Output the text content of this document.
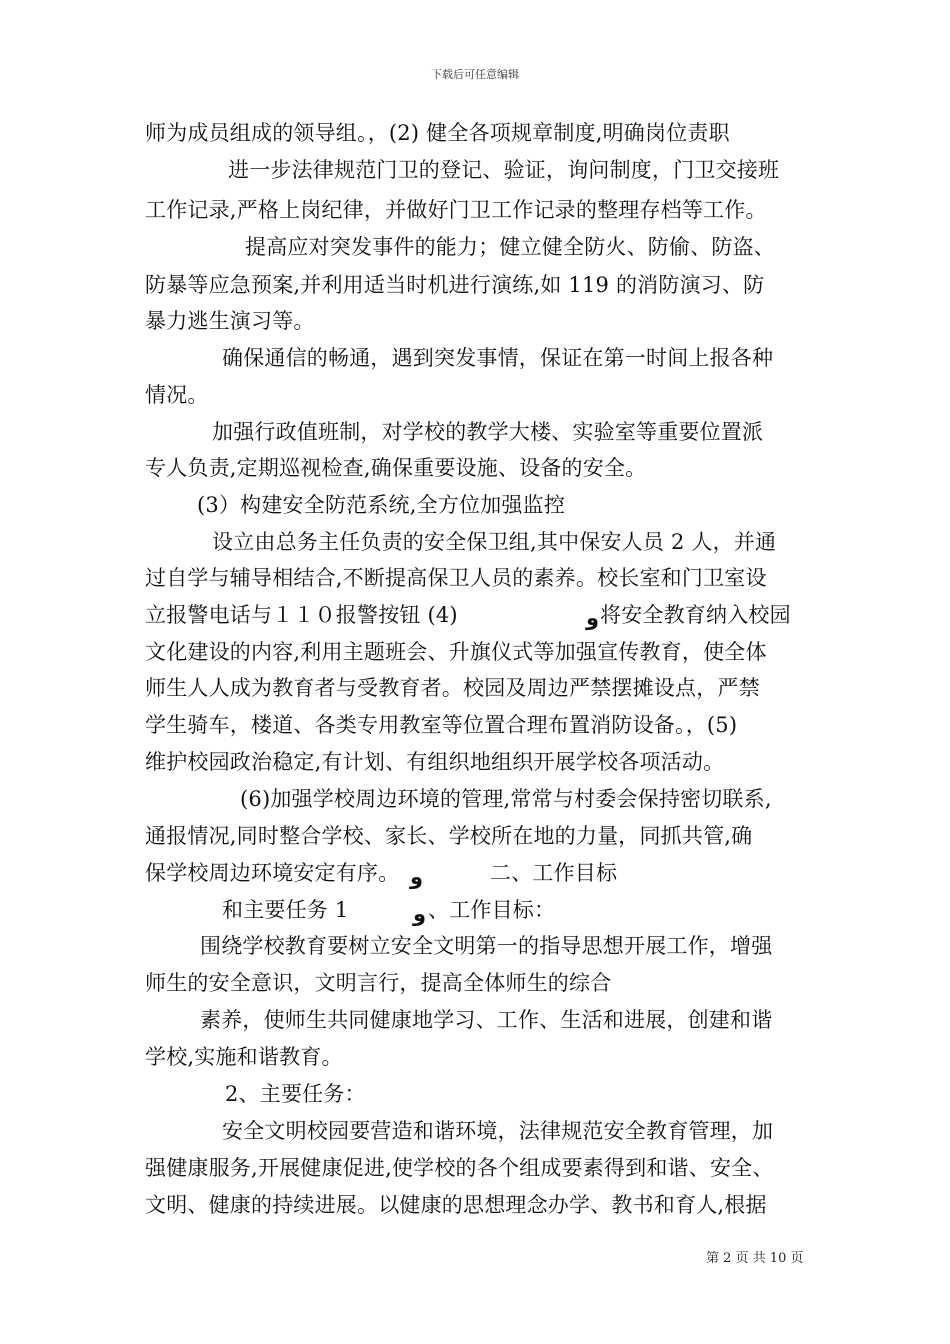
下载后可任意编辑
师为成员组成的领导组。，(2) 健全各项规章制度,明确岗位责职
进一步法律规范门卫的登记、验证，询问制度，门卫交接班
工作记录,严格上岗纪律，并做好门卫工作记录的整理存档等工作。
提高应对突发事件的能力；健立健全防火、防偷、防盗、
防暴等应急预案,并利用适当时机进行演练,如 119 的消防演习、防
暴力逃生演习等。
确保通信的畅通，遇到突发事情，保证在第一时间上报各种
情况。
加强行政值班制，对学校的教学大楼、实验室等重要位置派
专人负责,定期巡视检查,确保重要设施、设备的安全。
(3）构建安全防范系统,全方位加强监控
设立由总务主任负责的安全保卫组,其中保安人员 2 人，并通
过自学与辅导相结合,不断提高保卫人员的素养。校长室和门卫室设
立报警电话与１１０报警按钮 (4)	و 将安全教育纳入校园
文化建设的内容,利用主题班会、升旗仪式等加强宣传教育，使全体
师生人人成为教育者与受教育者。校园及周边严禁摆摊设点，严禁
学生骑车，楼道、各类专用教室等位置合理布置消防设备。，(5)
维护校园政治稳定,有计划、有组织地组织开展学校各项活动。
(6)加强学校周边环境的管理,常常与村委会保持密切联系,
通报情况,同时整合学校、家长、学校所在地的力量，同抓共管,确
保学校周边环境安定有序。 و	二、工作目标
和主要任务 1	و 、工作目标：
围绕学校教育要树立安全文明第一的指导思想开展工作，增强
师生的安全意识，文明言行，提高全体师生的综合
素养，使师生共同健康地学习、工作、生活和进展，创建和谐
学校,实施和谐教育。
2、主要任务：
安全文明校园要营造和谐环境，法律规范安全教育管理，加
强健康服务,开展健康促进,使学校的各个组成要素得到和谐、安全、
文明、健康的持续进展。以健康的思想理念办学、教书和育人,根据
第 2 页 共 10 页
